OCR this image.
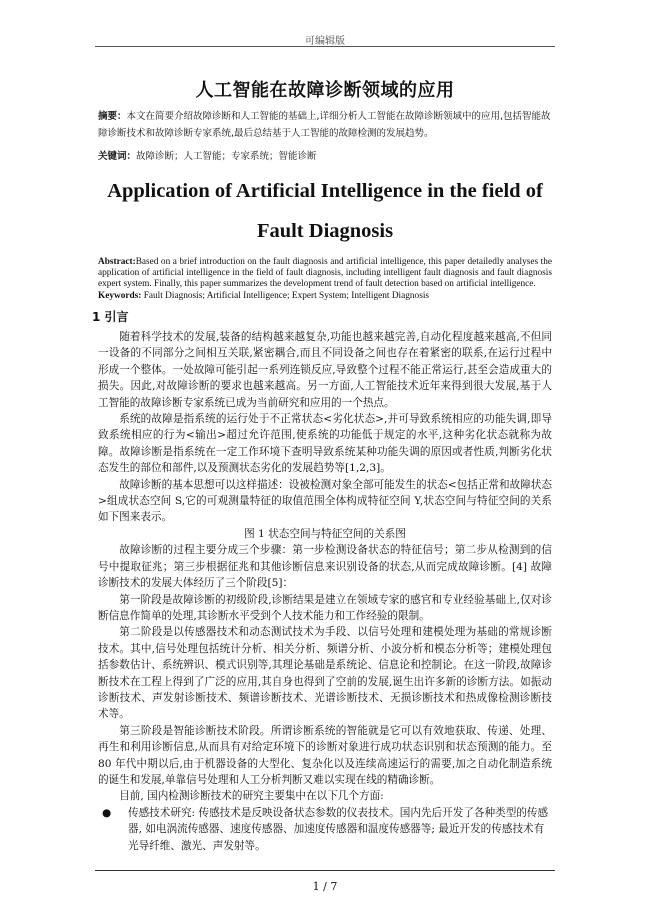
可编辑版
人工智能在故障诊断领域的应用

摘要：本文在简要介绍故障诊断和人工智能的基础上,详细分析人工智能在故障诊断领域中的应用,包括智能故障诊断技术和故障诊断专家系统,最后总结基于人工智能的故障检测的发展趋势。

关键词：故障诊断；人工智能；专家系统；智能诊断

Application of Artificial Intelligence in the field of Fault Diagnosis

Abstract:Based on a brief introduction on the fault diagnosis and artificial intelligence, this paper detailedly analyses the application of artificial intelligence in the field of fault diagnosis, including intelligent fault diagnosis and fault diagnosis expert system. Finally, this paper summarizes the development trend of fault detection based on artificial intelligence.

Keywords: Fault Diagnosis; Artificial Intelligence; Expert System; Intelligent Diagnosis

1 引言

随着科学技术的发展,装备的结构越来越复杂,功能也越来越完善,自动化程度越来越高,不但同一设备的不同部分之间相互关联,紧密耦合,而且不同设备之间也存在着紧密的联系,在运行过程中形成一个整体。一处故障可能引起一系列连锁反应,导致整个过程不能正常运行,甚至会造成重大的损失。因此,对故障诊断的要求也越来越高。另一方面,人工智能技术近年来得到很大发展,基于人工智能的故障诊断专家系统已成为当前研究和应用的一个热点。

系统的故障是指系统的运行处于不正常状态<劣化状态>,并可导致系统相应的功能失调,即导致系统相应的行为<输出>超过允许范围,使系统的功能低于规定的水平,这种劣化状态就称为故障。故障诊断是指系统在一定工作环境下查明导致系统某种功能失调的原因或者性质,判断劣化状态发生的部位和部件,以及预测状态劣化的发展趋势等[1,2,3]。

故障诊断的基本思想可以这样描述：设被检测对象全部可能发生的状态<包括正常和故障状态>组成状态空间 S,它的可观测量特征的取值范围全体构成特征空间 Y,状态空间与特征空间的关系如下图来表示。

图 1 状态空间与特征空间的关系图

故障诊断的过程主要分成三个步骤：第一步检测设备状态的特征信号；第二步从检测到的信号中提取征兆；第三步根据征兆和其他诊断信息来识别设备的状态,从而完成故障诊断。[4] 故障诊断技术的发展大体经历了三个阶段[5]：

第一阶段是故障诊断的初级阶段,诊断结果是建立在领域专家的感官和专业经验基础上,仅对诊断信息作简单的处理,其诊断水平受到个人技术能力和工作经验的限制。

第二阶段是以传感器技术和动态测试技术为手段、以信号处理和建模处理为基础的常规诊断技术。其中,信号处理包括统计分析、相关分析、频谱分析、小波分析和模态分析等；建模处理包括参数估计、系统辨识、模式识别等,其理论基础是系统论、信息论和控制论。在这一阶段,故障诊断技术在工程上得到了广泛的应用,其自身也得到了空前的发展,诞生出许多新的诊断方法。如振动诊断技术、声发射诊断技术、频谱诊断技术、光谱诊断技术、无损诊断技术和热成像检测诊断技术等。

第三阶段是智能诊断技术阶段。所谓诊断系统的智能就是它可以有效地获取、传递、处理、再生和利用诊断信息,从而具有对给定环境下的诊断对象进行成功状态识别和状态预测的能力。至 80 年代中期以后,由于机器设备的大型化、复杂化以及连续高速运行的需要,加之自动化制造系统的诞生和发展,单靠信号处理和人工分析判断又难以实现在线的精确诊断。

目前, 国内检测诊断技术的研究主要集中在以下几个方面:

● 传感技术研究: 传感技术是反映设备状态参数的仪表技术。国内先后开发了各种类型的传感器, 如电涡流传感器、速度传感器、加速度传感器和温度传感器等; 最近开发的传感技术有光导纤维、激光、声发射等。

1 / 7
